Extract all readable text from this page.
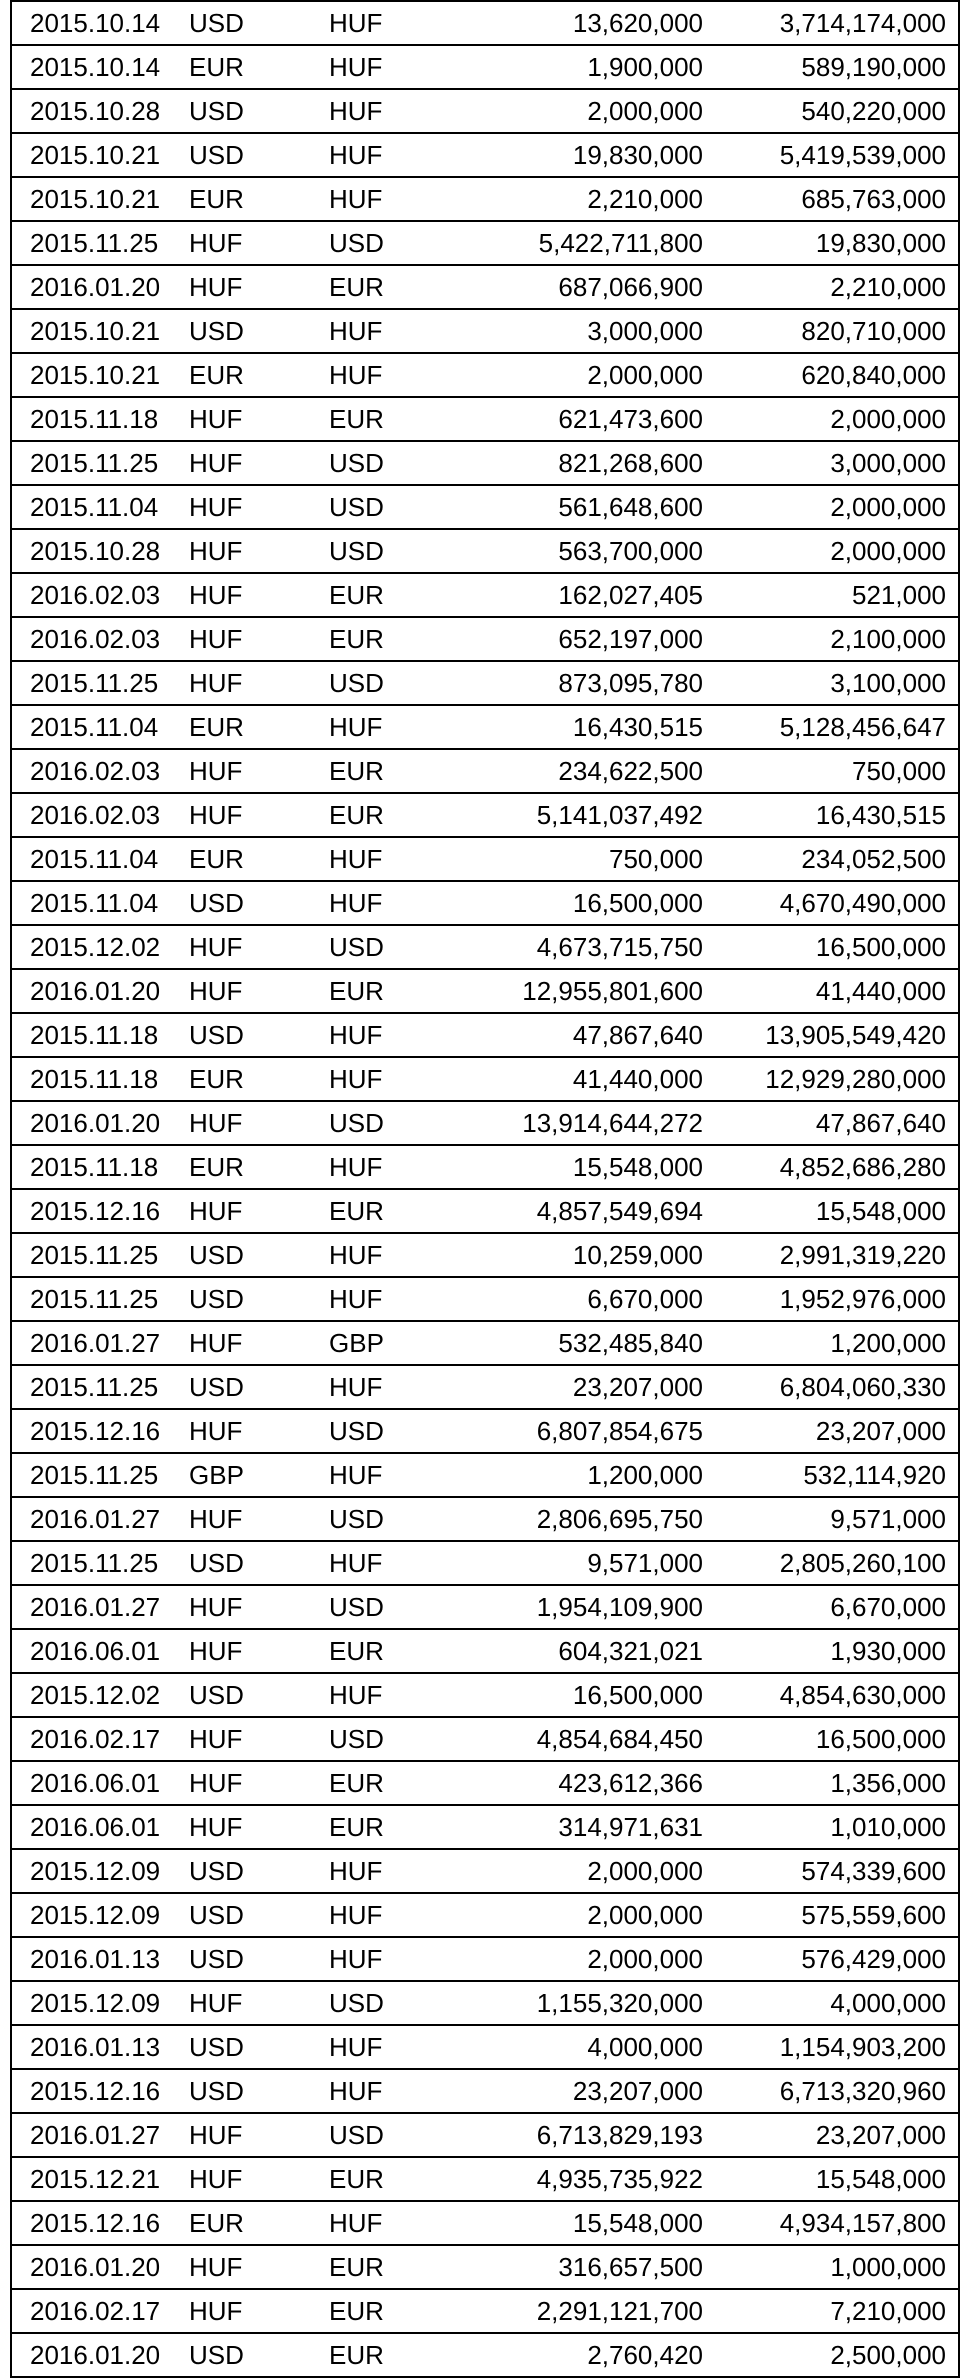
2015.10.14	USD	HUF	13,620,000	3,714,174,000
2015.10.14	EUR	HUF	1,900,000	589,190,000
2015.10.28	USD	HUF	2,000,000	540,220,000
2015.10.21	USD	HUF	19,830,000	5,419,539,000
2015.10.21	EUR	HUF	2,210,000	685,763,000
2015.11.25	HUF	USD	5,422,711,800	19,830,000
2016.01.20	HUF	EUR	687,066,900	2,210,000
2015.10.21	USD	HUF	3,000,000	820,710,000
2015.10.21	EUR	HUF	2,000,000	620,840,000
2015.11.18	HUF	EUR	621,473,600	2,000,000
2015.11.25	HUF	USD	821,268,600	3,000,000
2015.11.04	HUF	USD	561,648,600	2,000,000
2015.10.28	HUF	USD	563,700,000	2,000,000
2016.02.03	HUF	EUR	162,027,405	521,000
2016.02.03	HUF	EUR	652,197,000	2,100,000
2015.11.25	HUF	USD	873,095,780	3,100,000
2015.11.04	EUR	HUF	16,430,515	5,128,456,647
2016.02.03	HUF	EUR	234,622,500	750,000
2016.02.03	HUF	EUR	5,141,037,492	16,430,515
2015.11.04	EUR	HUF	750,000	234,052,500
2015.11.04	USD	HUF	16,500,000	4,670,490,000
2015.12.02	HUF	USD	4,673,715,750	16,500,000
2016.01.20	HUF	EUR	12,955,801,600	41,440,000
2015.11.18	USD	HUF	47,867,640	13,905,549,420
2015.11.18	EUR	HUF	41,440,000	12,929,280,000
2016.01.20	HUF	USD	13,914,644,272	47,867,640
2015.11.18	EUR	HUF	15,548,000	4,852,686,280
2015.12.16	HUF	EUR	4,857,549,694	15,548,000
2015.11.25	USD	HUF	10,259,000	2,991,319,220
2015.11.25	USD	HUF	6,670,000	1,952,976,000
2016.01.27	HUF	GBP	532,485,840	1,200,000
2015.11.25	USD	HUF	23,207,000	6,804,060,330
2015.12.16	HUF	USD	6,807,854,675	23,207,000
2015.11.25	GBP	HUF	1,200,000	532,114,920
2016.01.27	HUF	USD	2,806,695,750	9,571,000
2015.11.25	USD	HUF	9,571,000	2,805,260,100
2016.01.27	HUF	USD	1,954,109,900	6,670,000
2016.06.01	HUF	EUR	604,321,021	1,930,000
2015.12.02	USD	HUF	16,500,000	4,854,630,000
2016.02.17	HUF	USD	4,854,684,450	16,500,000
2016.06.01	HUF	EUR	423,612,366	1,356,000
2016.06.01	HUF	EUR	314,971,631	1,010,000
2015.12.09	USD	HUF	2,000,000	574,339,600
2015.12.09	USD	HUF	2,000,000	575,559,600
2016.01.13	USD	HUF	2,000,000	576,429,000
2015.12.09	HUF	USD	1,155,320,000	4,000,000
2016.01.13	USD	HUF	4,000,000	1,154,903,200
2015.12.16	USD	HUF	23,207,000	6,713,320,960
2016.01.27	HUF	USD	6,713,829,193	23,207,000
2015.12.21	HUF	EUR	4,935,735,922	15,548,000
2015.12.16	EUR	HUF	15,548,000	4,934,157,800
2016.01.20	HUF	EUR	316,657,500	1,000,000
2016.02.17	HUF	EUR	2,291,121,700	7,210,000
2016.01.20	USD	EUR	2,760,420	2,500,000
